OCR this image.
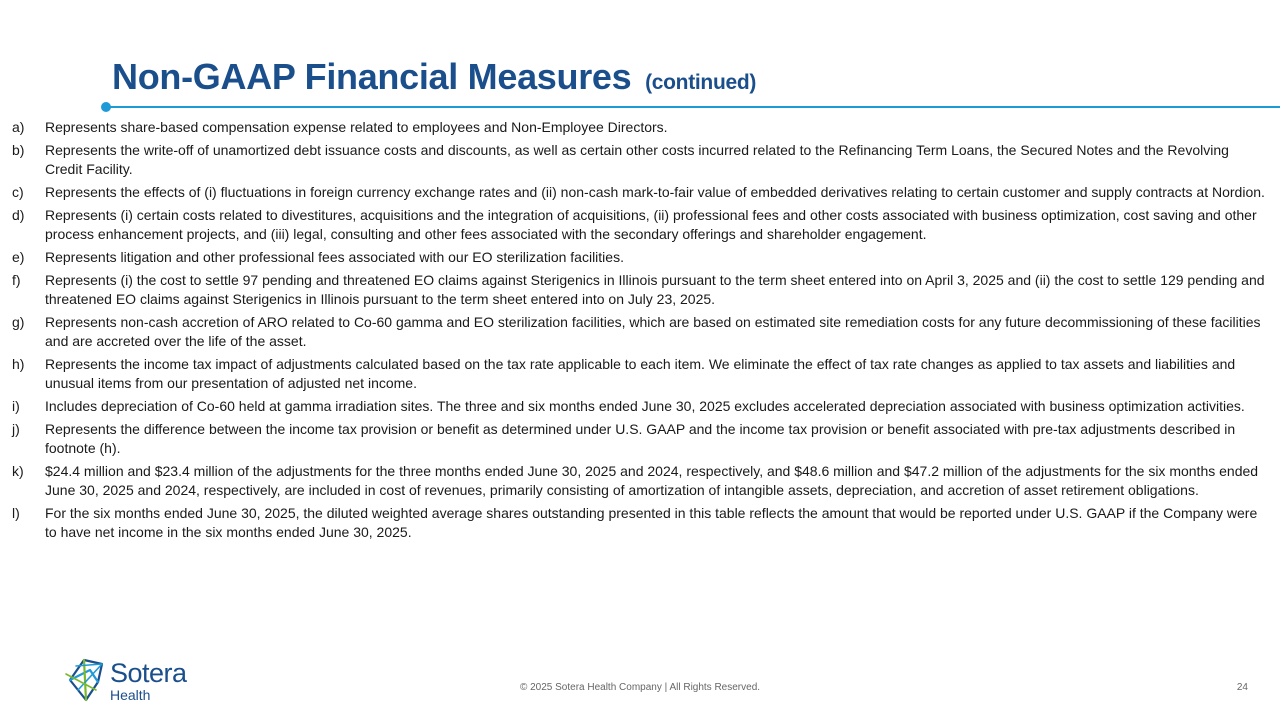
Non-GAAP Financial Measures (continued)
a)	Represents share-based compensation expense related to employees and Non-Employee Directors.
b)	Represents the write-off of unamortized debt issuance costs and discounts, as well as certain other costs incurred related to the Refinancing Term Loans, the Secured Notes and the Revolving Credit Facility.
c)	Represents the effects of (i) fluctuations in foreign currency exchange rates and (ii) non-cash mark-to-fair value of embedded derivatives relating to certain customer and supply contracts at Nordion.
d)	Represents (i) certain costs related to divestitures, acquisitions and the integration of acquisitions, (ii) professional fees and other costs associated with business optimization, cost saving and other process enhancement projects, and (iii) legal, consulting and other fees associated with the secondary offerings and shareholder engagement.
e)	Represents litigation and other professional fees associated with our EO sterilization facilities.
f)	Represents (i) the cost to settle 97 pending and threatened EO claims against Sterigenics in Illinois pursuant to the term sheet entered into on April 3, 2025 and (ii) the cost to settle 129 pending and threatened EO claims against Sterigenics in Illinois pursuant to the term sheet entered into on July 23, 2025.
g)	Represents non-cash accretion of ARO related to Co-60 gamma and EO sterilization facilities, which are based on estimated site remediation costs for any future decommissioning of these facilities and are accreted over the life of the asset.
h)	Represents the income tax impact of adjustments calculated based on the tax rate applicable to each item. We eliminate the effect of tax rate changes as applied to tax assets and liabilities and unusual items from our presentation of adjusted net income.
i)	Includes depreciation of Co-60 held at gamma irradiation sites. The three and six months ended June 30, 2025 excludes accelerated depreciation associated with business optimization activities.
j)	Represents the difference between the income tax provision or benefit as determined under U.S. GAAP and the income tax provision or benefit associated with pre-tax adjustments described in footnote (h).
k)	$24.4 million and $23.4 million of the adjustments for the three months ended June 30, 2025 and 2024, respectively, and $48.6 million and $47.2 million of the adjustments for the six months ended June 30, 2025 and 2024, respectively, are included in cost of revenues, primarily consisting of amortization of intangible assets, depreciation, and accretion of asset retirement obligations.
l)	For the six months ended June 30, 2025, the diluted weighted average shares outstanding presented in this table reflects the amount that would be reported under U.S. GAAP if the Company were to have net income in the six months ended June 30, 2025.
Sotera
Health	© 2025 Sotera Health Company | All Rights Reserved.	24
